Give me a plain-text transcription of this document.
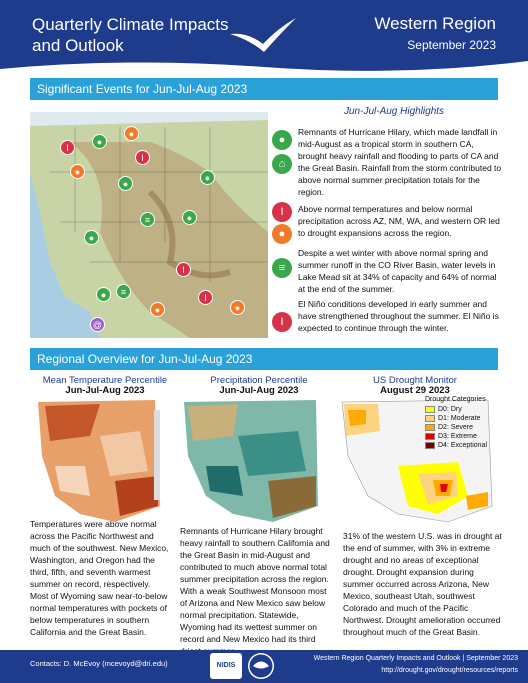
Quarterly Climate Impacts and Outlook
Western Region
September 2023
Significant Events for Jun-Jul-Aug 2023
I
●
●
●
I
●
●
≡	●
●
I
●	≡
I
●
●
@
Jun-Jul-Aug Highlights
●
⌂
Remnants of Hurricane Hilary, which made landfall in mid-August as a tropical storm in southern CA, brought heavy rainfall and flooding to parts of CA and the Great Basin. Rainfall from the storm contributed to above normal summer precipitation totals for the region.
I
●
Above normal temperatures and below normal precipitation across AZ, NM, WA, and western OR led to drought expansions across the region.
≡
Despite a wet winter with above normal spring and summer runoff in the CO River Basin, water levels in Lake Mead sit at 34% of capacity and 64% of normal at the end of the summer.
I
El Niño conditions developed in early summer and have strengthened throughout the summer. El Niño is expected to continue through the winter.
Regional Overview for Jun-Jul-Aug 2023
Mean Temperature Percentile
Jun-Jul-Aug 2023
Temperatures were above normal across the Pacific Northwest and much of the southwest. New Mexico, Washington, and Oregon had the third, fifth, and seventh warmest summer on record, respectively. Most of Wyoming saw near-to-below normal temperatures with pockets of below temperatures in southern California and the Great Basin.
Precipitation Percentile
Jun-Jul-Aug 2023
Remnants of Hurricane Hilary brought heavy rainfall to southern California and the Great Basin in mid-August and contributed to much above normal total summer precipitation across the region. With a weak Southwest Monsoon most of Arizona and New Mexico saw below normal precipitation. Statewide, Wyoming had its wettest summer on record and New Mexico had its third
US Drought Monitor
August 29 2023
Drought Categories
D0: Dry
D1: Moderate
D2: Severe
D3: Extreme
D4: Exceptional
31% of the western U.S. was in drought at the end of summer, with 3% in extreme drought and no areas of exceptional drought. Drought expansion during summer occurred across Arizona, New Mexico, southeast Utah, southwest Colorado and much of the Pacific Northwest. Drought amelioration occurred throughout much of the Great Basin.
Contacts: D. McEvoy (mcevoyd@dri.edu)	NIDIS
Western Region Quarterly Impacts and Outlook | September 2023
http://drought.gov/drought/resources/reports
